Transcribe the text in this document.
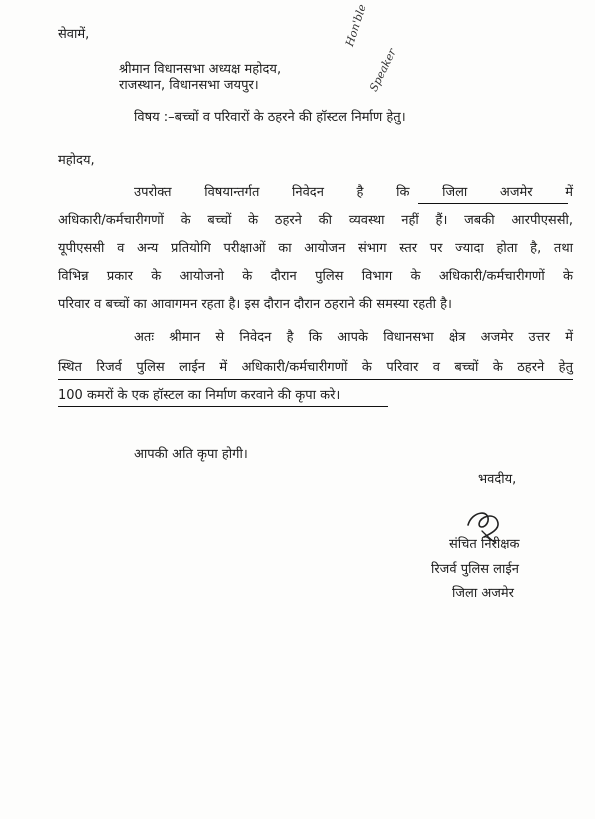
Hon'ble
Speaker
सेवामें,
श्रीमान विधानसभा अध्यक्ष महोदय,
राजस्थान, विधानसभा जयपुर।
विषय :–बच्चों व परिवारों के ठहरने की हॉस्टल निर्माण हेतु।
महोदय,
उपरोक्त विषयान्तर्गत निवेदन है कि जिला अजमेर में
अधिकारी/कर्मचारीगणों के बच्चों के ठहरने की व्यवस्था नहीं हैं। जबकी आरपीएससी,
यूपीएससी व अन्य प्रतियोगि परीक्षाओं का आयोजन संभाग स्तर पर ज्यादा होता है, तथा
विभिन्न प्रकार के आयोजनो के दौरान पुलिस विभाग के अधिकारी/कर्मचारीगणों के
परिवार व बच्चों का आवागमन रहता है। इस दौरान दौरान ठहराने की समस्या रहती है।
अतः श्रीमान से निवेदन है कि आपके विधानसभा क्षेत्र अजमेर उत्तर में
स्थित रिजर्व पुलिस लाईन में अधिकारी/कर्मचारीगणों के परिवार व बच्चों के ठहरने हेतु
100 कमरों के एक हॉस्टल का निर्माण करवाने की कृपा करे।
आपकी अति कृपा होगी।
भवदीय,
संचित निरीक्षक
रिजर्व पुलिस लाईन
जिला अजमेर
